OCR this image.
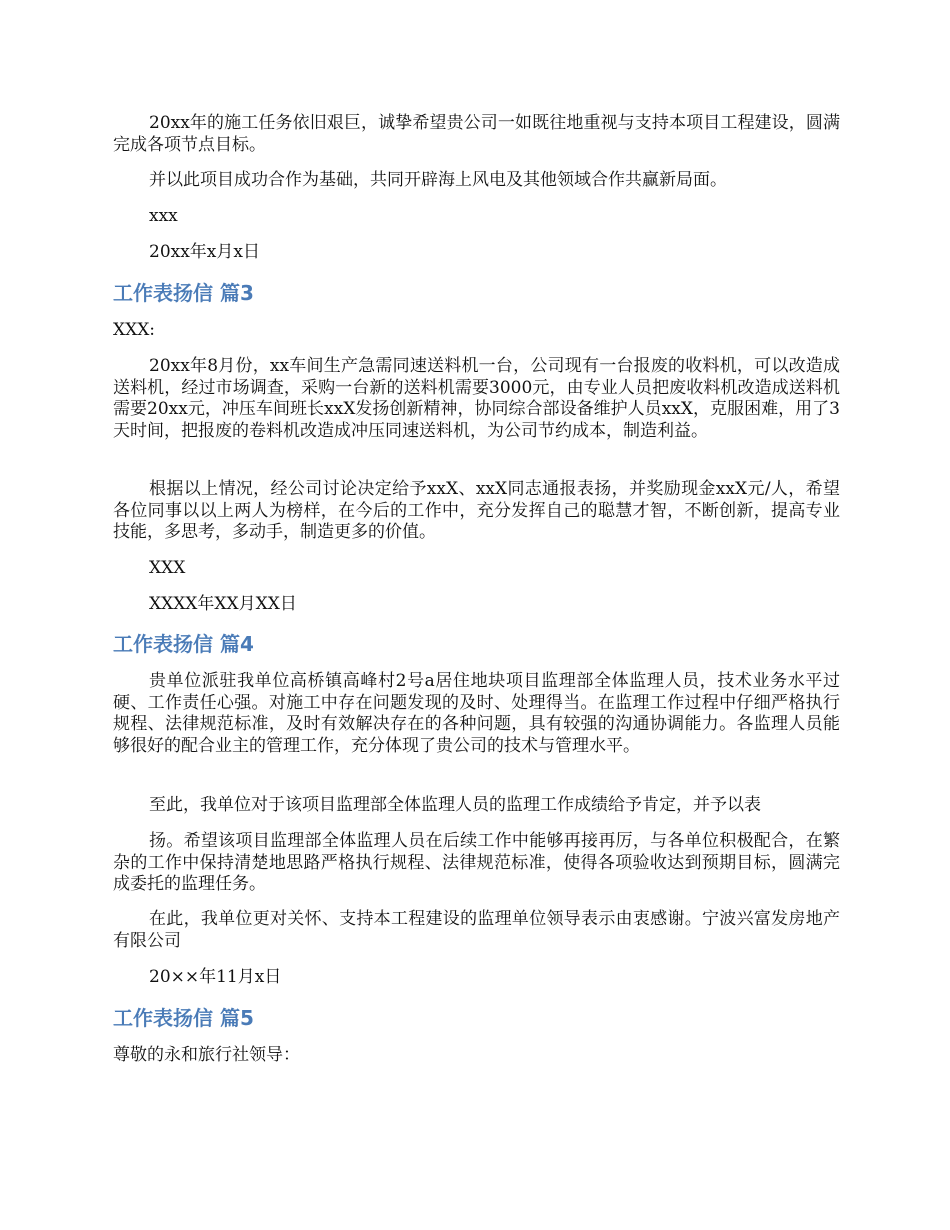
20xx年的施工任务依旧艰巨，诚挚希望贵公司一如既往地重视与支持本项目工程建设，圆满完成各项节点目标。

并以此项目成功合作为基础，共同开辟海上风电及其他领域合作共赢新局面。

xxx

20xx年x月x日

工作表扬信 篇3

XXX:

20xx年8月份，xx车间生产急需同速送料机一台，公司现有一台报废的收料机，可以改造成送料机，经过市场调查，采购一台新的送料机需要3000元，由专业人员把废收料机改造成送料机需要20xx元，冲压车间班长xxX发扬创新精神，协同综合部设备维护人员xxX，克服困难，用了3天时间，把报废的卷料机改造成冲压同速送料机，为公司节约成本，制造利益。

根据以上情况，经公司讨论决定给予xxX、xxX同志通报表扬，并奖励现金xxX元/人，希望各位同事以以上两人为榜样，在今后的工作中，充分发挥自己的聪慧才智，不断创新，提高专业技能，多思考，多动手，制造更多的价值。

XXX

XXXX年XX月XX日

工作表扬信 篇4

贵单位派驻我单位高桥镇高峰村2号a居住地块项目监理部全体监理人员，技术业务水平过硬、工作责任心强。对施工中存在问题发现的及时、处理得当。在监理工作过程中仔细严格执行规程、法律规范标准，及时有效解决存在的各种问题，具有较强的沟通协调能力。各监理人员能够很好的配合业主的管理工作，充分体现了贵公司的技术与管理水平。

至此，我单位对于该项目监理部全体监理人员的监理工作成绩给予肯定，并予以表

扬。希望该项目监理部全体监理人员在后续工作中能够再接再厉，与各单位积极配合，在繁杂的工作中保持清楚地思路严格执行规程、法律规范标准，使得各项验收达到预期目标，圆满完成委托的监理任务。

在此，我单位更对关怀、支持本工程建设的监理单位领导表示由衷感谢。宁波兴富发房地产有限公司

20××年11月x日

工作表扬信 篇5

尊敬的永和旅行社领导：
